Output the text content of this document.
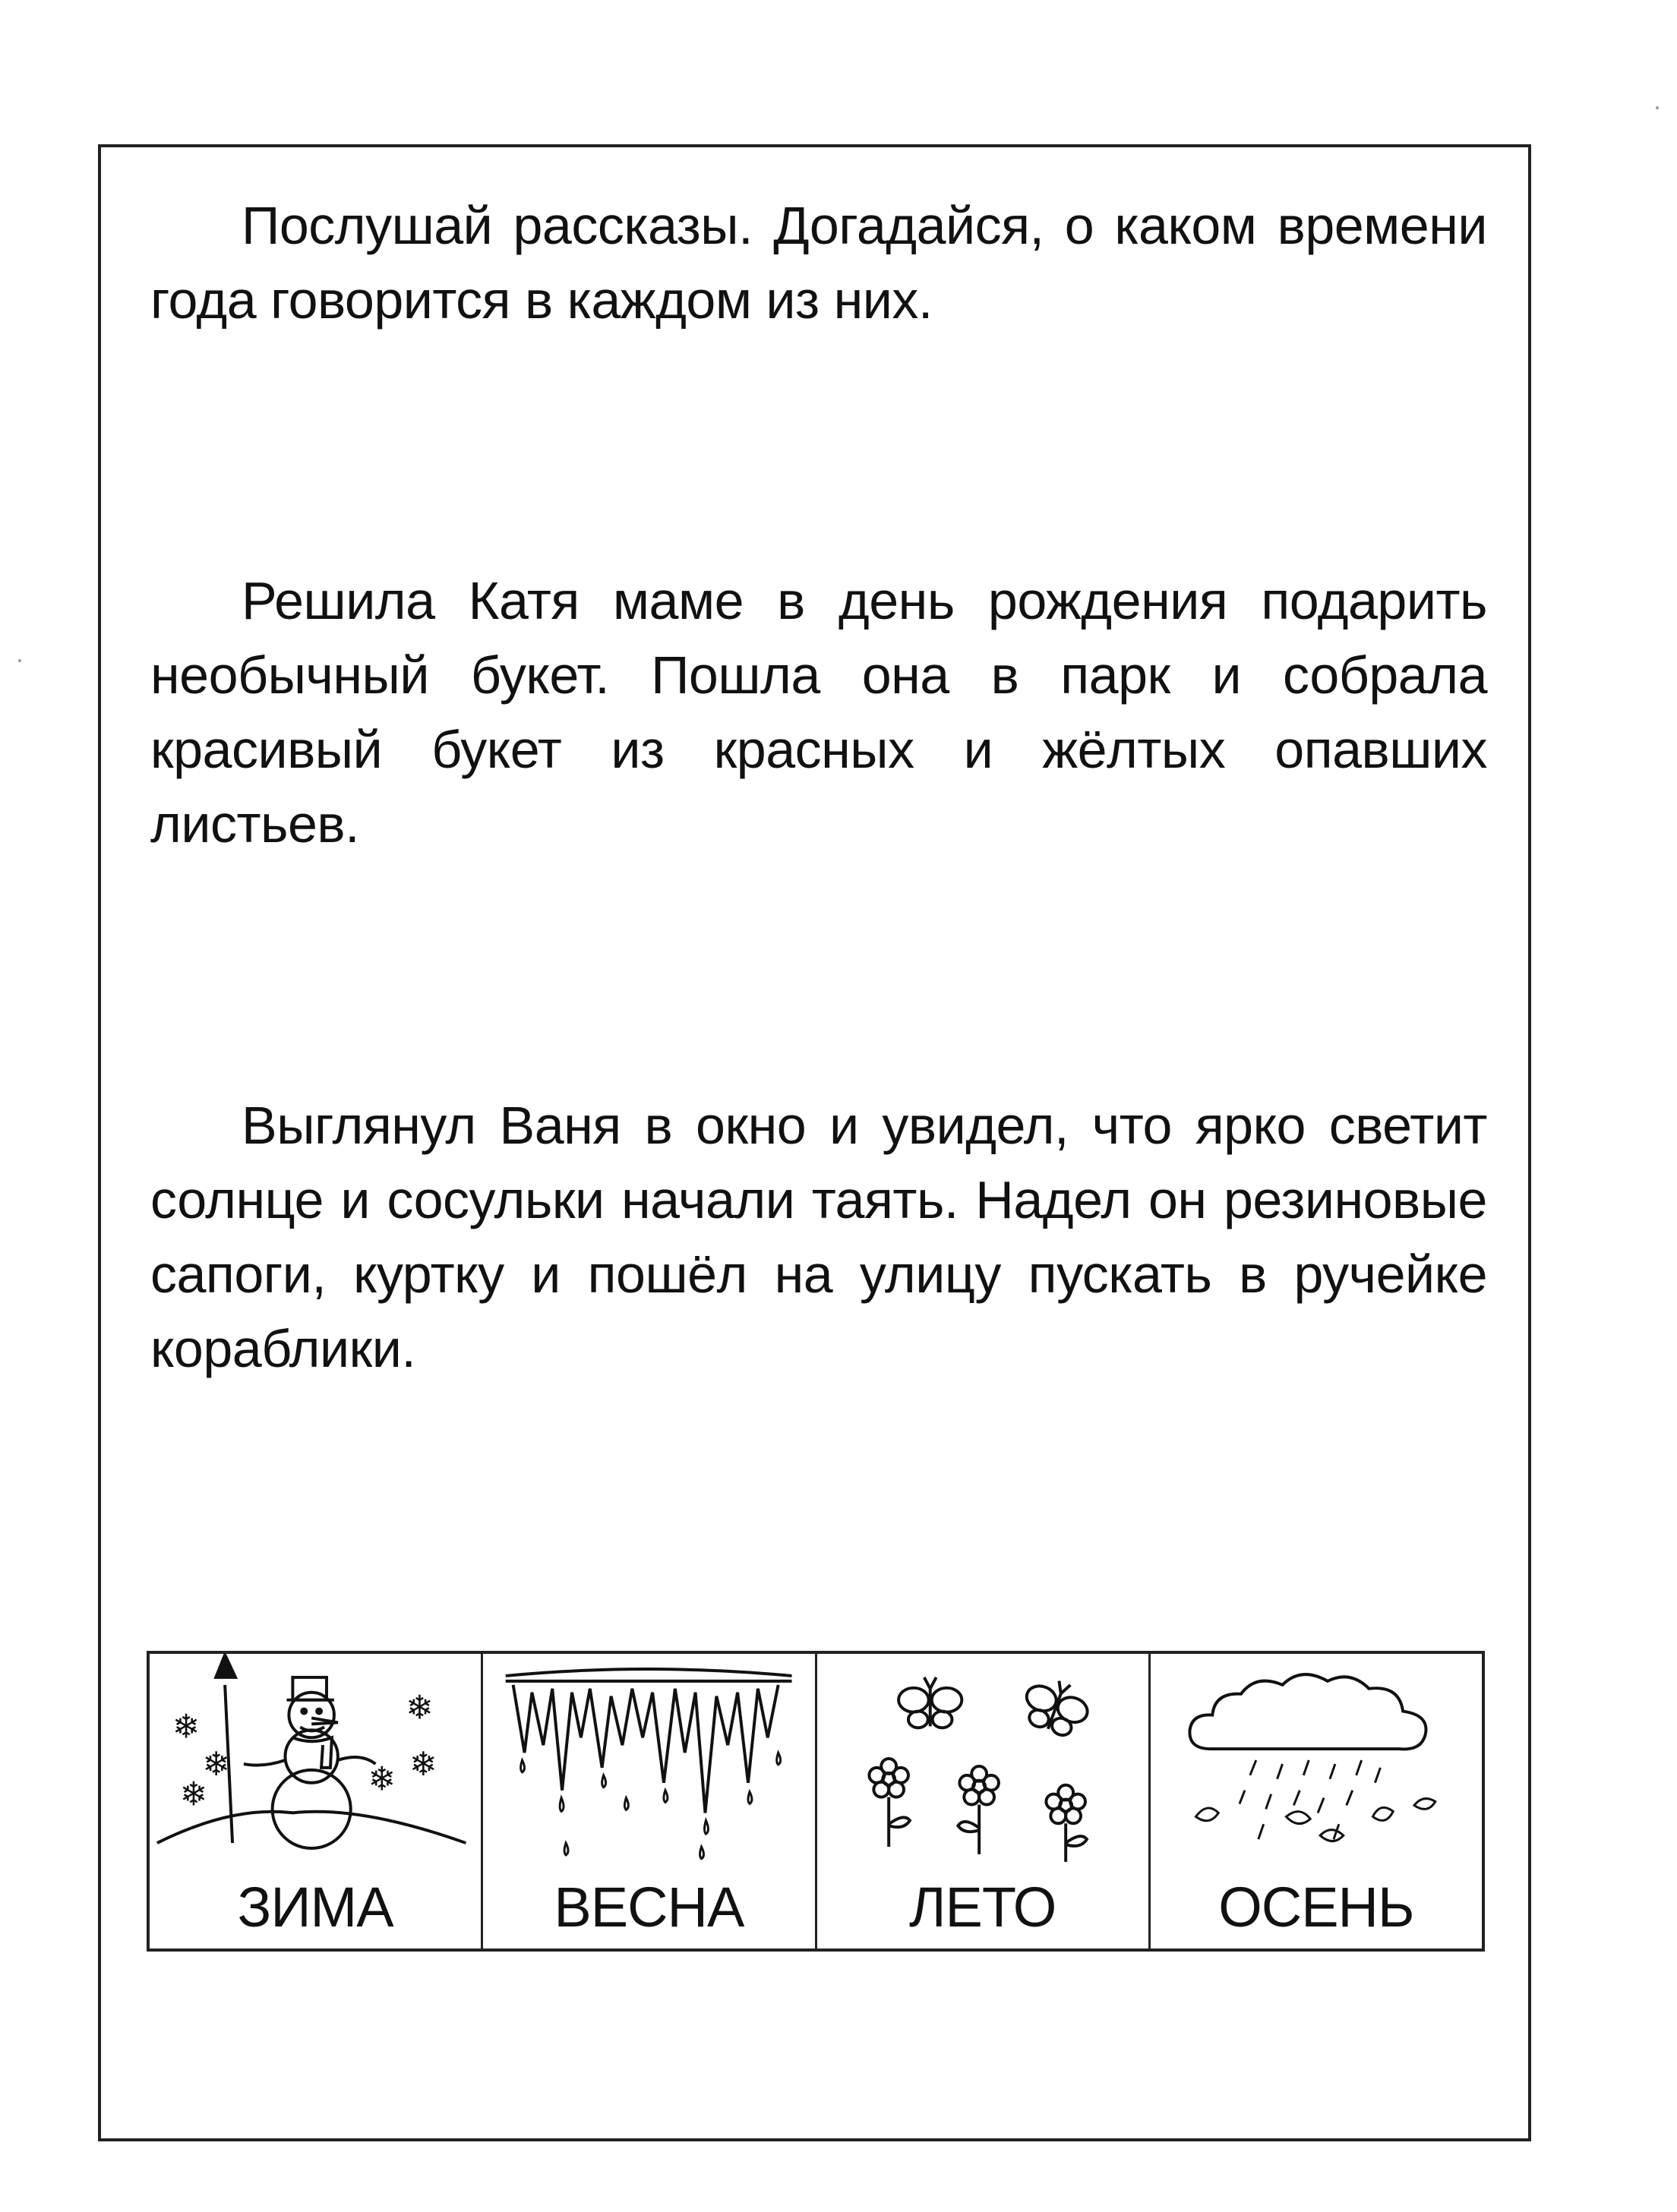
Послушай рассказы. Догадайся, о каком времени года говорится в каждом из них.

Решила Катя маме в день рождения подарить необычный букет. Пошла она в парк и собрала красивый букет из красных и жёлтых опавших листьев.

Выглянул Ваня в окно и увидел, что ярко светит солнце и сосульки начали таять. Надел он резиновые сапоги, куртку и пошёл на улицу пускать в ручейке кораблики.

❄	❄
❄
❄
❄
❄
ЗИМА	ВЕСНА	ЛЕТО	ОСЕНЬ
